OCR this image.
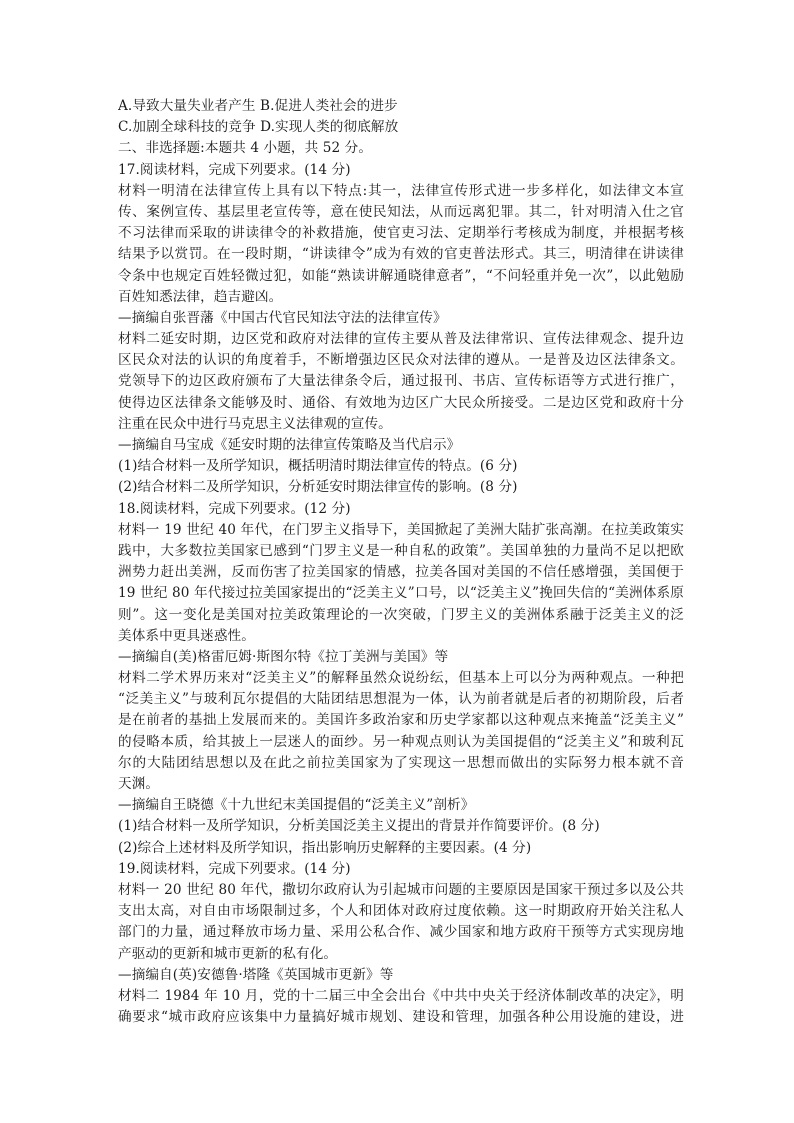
A.导致大量失业者产生 B.促进人类社会的进步
C.加剧全球科技的竞争 D.实现人类的彻底解放
二、非选择题:本题共 4 小题，共 52 分。
17.阅读材料，完成下列要求。(14 分)
材料一明清在法律宣传上具有以下特点:其一，法律宣传形式进一步多样化，如法律文本宣
传、案例宣传、基层里老宣传等，意在使民知法，从而远离犯罪。其二，针对明清入仕之官
不习法律而采取的讲读律令的补救措施，使官吏习法、定期举行考核成为制度，并根据考核
结果予以赏罚。在一段时期，“讲读律令”成为有效的官吏普法形式。其三，明清律在讲读律
令条中也规定百姓轻微过犯，如能“熟读讲解通晓律意者”，“不问轻重并免一次”，以此勉励
百姓知悉法律，趋吉避凶。
—摘编自张晋藩《中国古代官民知法守法的法律宣传》
材料二延安时期，边区党和政府对法律的宣传主要从普及法律常识、宣传法律观念、提升边
区民众对法的认识的角度着手，不断增强边区民众对法律的遵从。一是普及边区法律条文。
党领导下的边区政府颁布了大量法律条令后，通过报刊、书店、宣传标语等方式进行推广，
使得边区法律条文能够及时、通俗、有效地为边区广大民众所接受。二是边区党和政府十分
注重在民众中进行马克思主义法律观的宣传。
—摘编自马宝成《延安时期的法律宣传策略及当代启示》
(1)结合材料一及所学知识，概括明清时期法律宣传的特点。(6 分)
(2)结合材料二及所学知识，分析延安时期法律宣传的影响。(8 分)
18.阅读材料，完成下列要求。(12 分)
材料一 19 世纪 40 年代，在门罗主义指导下，美国掀起了美洲大陆扩张高潮。在拉美政策实
践中，大多数拉美国家已感到“门罗主义是一种自私的政策”。美国单独的力量尚不足以把欧
洲势力赶出美洲，反而伤害了拉美国家的情感，拉美各国对美国的不信任感增强，美国便于
19 世纪 80 年代接过拉美国家提出的“泛美主义”口号，以“泛美主义”挽回失信的“美洲体系原
则”。这一变化是美国对拉美政策理论的一次突破，门罗主义的美洲体系融于泛美主义的泛
美体系中更具迷惑性。
—摘编自(美)格雷厄姆·斯图尔特《拉丁美洲与美国》等
材料二学术界历来对“泛美主义”的解释虽然众说纷纭，但基本上可以分为两种观点。一种把
“泛美主义”与玻利瓦尔提倡的大陆团结思想混为一体，认为前者就是后者的初期阶段，后者
是在前者的基拙上发展而来的。美国许多政治家和历史学家都以这种观点来掩盖“泛美主义”
的侵略本质，给其披上一层迷人的面纱。另一种观点则认为美国提倡的“泛美主义”和玻利瓦
尔的大陆团结思想以及在此之前拉美国家为了实现这一思想而做出的实际努力根本就不音
天渊。
—摘编自王晓德《十九世纪末美国提倡的“泛美主义”剖析》
(1)结合材料一及所学知识，分析美国泛美主义提出的背景并作简要评价。(8 分)
(2)综合上述材料及所学知识，指出影响历史解释的主要因素。(4 分)
19.阅读材料，完成下列要求。(14 分)
材料一 20 世纪 80 年代，撒切尔政府认为引起城市问题的主要原因是国家干预过多以及公共
支出太高，对自由市场限制过多，个人和团体对政府过度依赖。这一时期政府开始关注私人
部门的力量，通过释放市场力量、采用公私合作、减少国家和地方政府干预等方式实现房地
产驱动的更新和城市更新的私有化。
—摘编自(英)安德鲁·塔隆《英国城市更新》等
材料二 1984 年 10 月，党的十二届三中全会出台《中共中央关于经济体制改革的决定》，明
确要求“城市政府应该集中力量搞好城市规划、建设和管理，加强各种公用设施的建设，进
